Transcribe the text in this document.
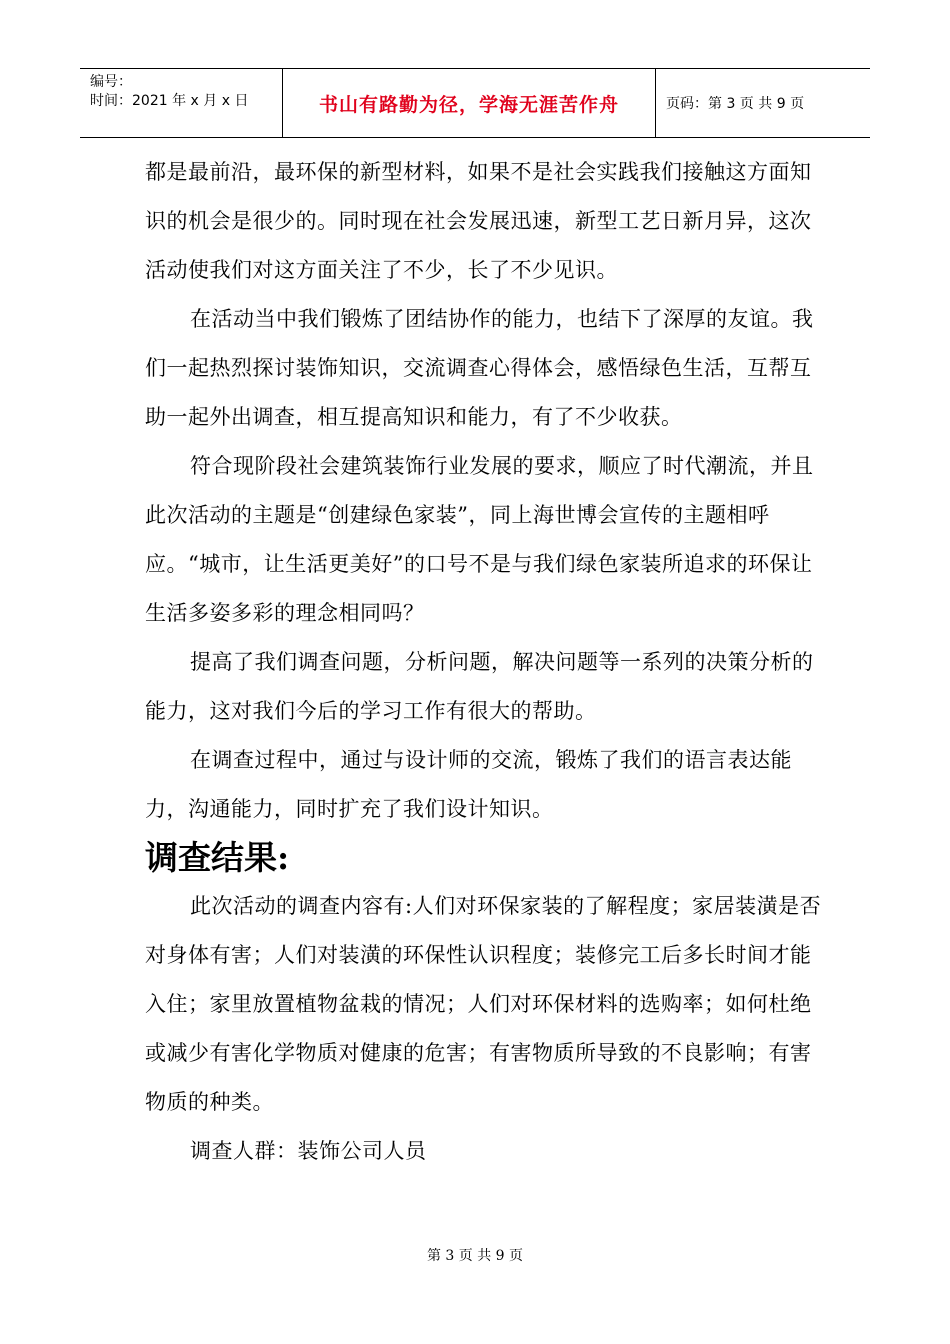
编号：
时间：2021 年 x 月 x 日	书山有路勤为径，学海无涯苦作舟	页码：第 3 页 共 9 页

都是最前沿，最环保的新型材料，如果不是社会实践我们接触这方面知识的机会是很少的。同时现在社会发展迅速，新型工艺日新月异，这次活动使我们对这方面关注了不少，长了不少见识。

在活动当中我们锻炼了团结协作的能力，也结下了深厚的友谊。我们一起热烈探讨装饰知识，交流调查心得体会，感悟绿色生活，互帮互助一起外出调查，相互提高知识和能力，有了不少收获。

符合现阶段社会建筑装饰行业发展的要求，顺应了时代潮流，并且此次活动的主题是“创建绿色家装”，同上海世博会宣传的主题相呼应。“城市，让生活更美好”的口号不是与我们绿色家装所追求的环保让生活多姿多彩的理念相同吗？

提高了我们调查问题，分析问题，解决问题等一系列的决策分析的能力，这对我们今后的学习工作有很大的帮助。

在调查过程中，通过与设计师的交流，锻炼了我们的语言表达能力，沟通能力，同时扩充了我们设计知识。

调查结果:

此次活动的调查内容有:人们对环保家装的了解程度；家居装潢是否对身体有害；人们对装潢的环保性认识程度；装修完工后多长时间才能入住；家里放置植物盆栽的情况；人们对环保材料的选购率；如何杜绝或减少有害化学物质对健康的危害；有害物质所导致的不良影响；有害物质的种类。

调查人群：装饰公司人员

第 3 页 共 9 页
